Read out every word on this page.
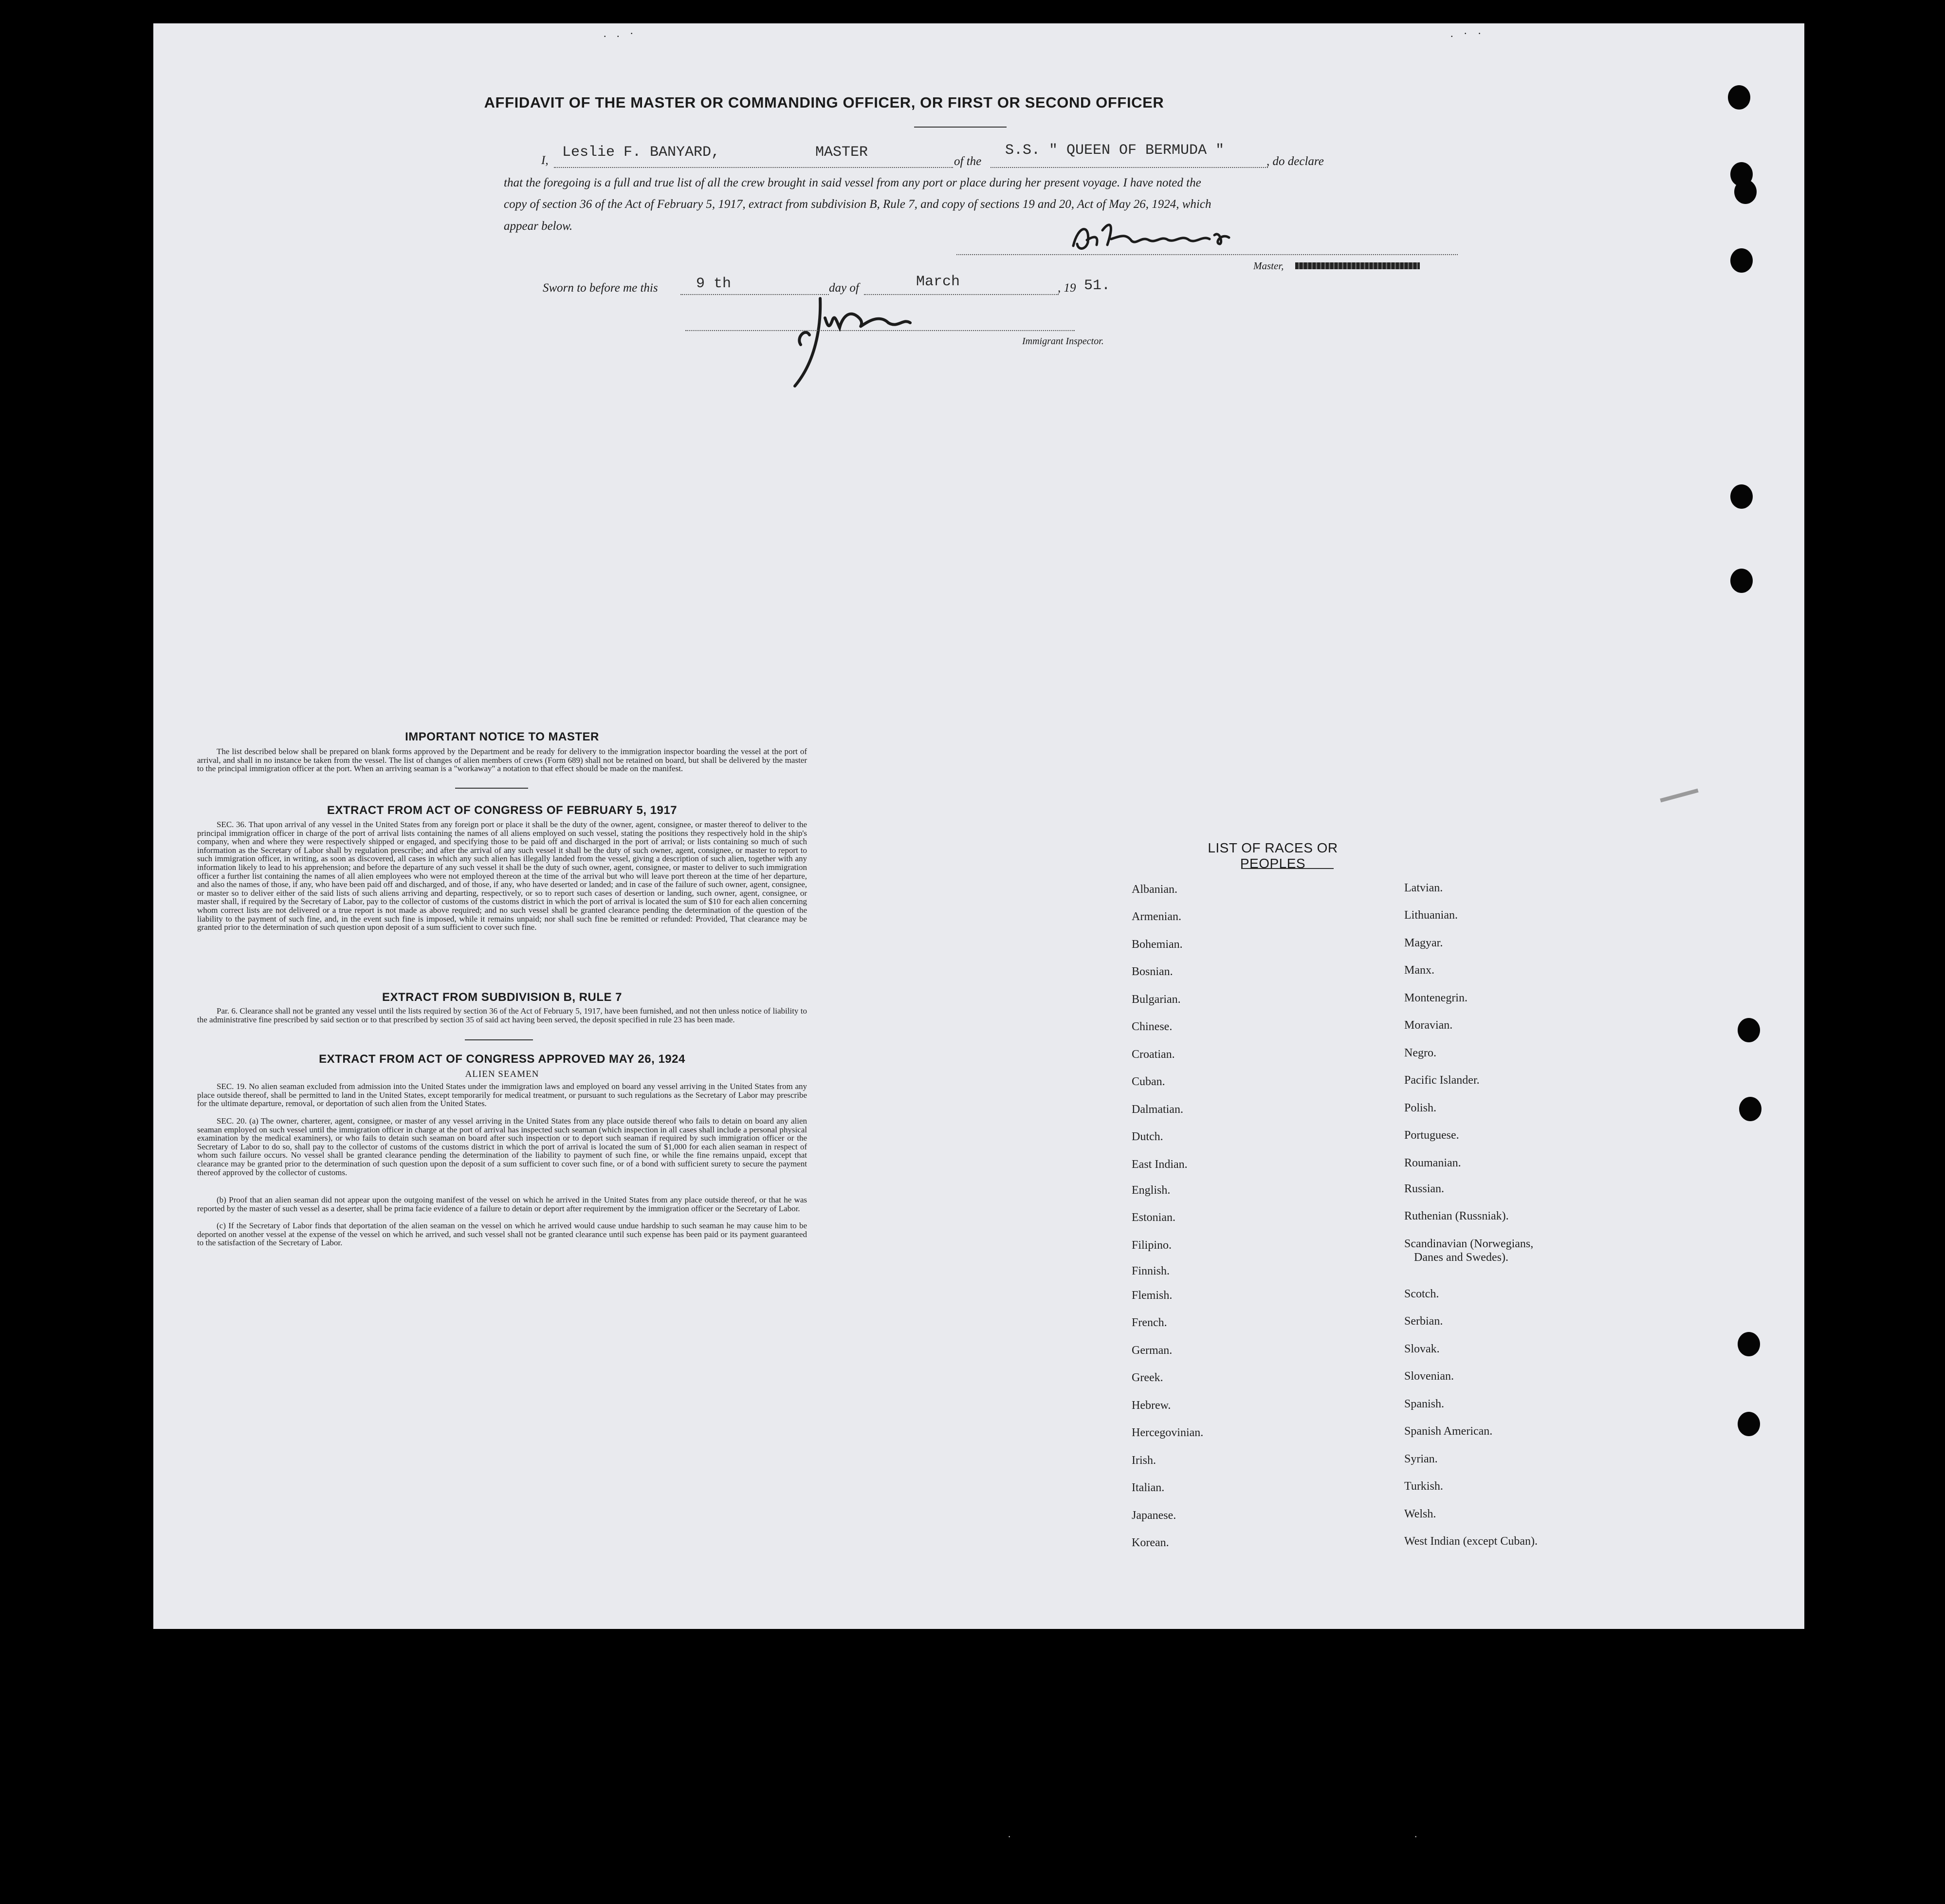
. . ·	. · ·
AFFIDAVIT OF THE MASTER OR COMMANDING OFFICER, OR FIRST OR SECOND OFFICER
I, Leslie F. BANYARD,	MASTER
of the
S.S. " QUEEN OF BERMUDA "
, do declare
that the foregoing is a full and true list of all the crew brought in said vessel from any port or place during her present voyage. I have noted the
copy of section 36 of the Act of February 5, 1917, extract from subdivision B, Rule 7, and copy of sections 19 and 20, Act of May 26, 1924, which
appear below.
Master,
Sworn to before me this	9 th	day of	March	, 19 51.
Immigrant Inspector.
IMPORTANT NOTICE TO MASTER
The list described below shall be prepared on blank forms approved by the Department and be ready for delivery to the immigration inspector boarding the vessel at the port of arrival, and shall in no instance be taken from the vessel. The list of changes of alien members of crews (Form 689) shall not be retained on board, but shall be delivered by the master to the principal immigration officer at the port. When an arriving seaman is a "workaway" a notation to that effect should be made on the manifest.
EXTRACT FROM ACT OF CONGRESS OF FEBRUARY 5, 1917
SEC. 36. That upon arrival of any vessel in the United States from any foreign port or place it shall be the duty of the owner, agent, consignee, or master thereof to deliver to the principal immigration officer in charge of the port of arrival lists containing the names of all aliens employed on such vessel, stating the positions they respectively hold in the ship's company, when and where they were respectively shipped or engaged, and specifying those to be paid off and discharged in the port of arrival; or lists containing so much of such information as the Secretary of Labor shall by regulation prescribe; and after the arrival of any such vessel it shall be the duty of such owner, agent, consignee, or master to report to such immigration officer, in writing, as soon as discovered, all cases in which any such alien has illegally landed from the vessel, giving a description of such alien, together with any information likely to lead to his apprehension; and before the departure of any such vessel it shall be the duty of such owner, agent, consignee, or master to deliver to such immigration officer a further list containing the names of all alien employees who were not employed thereon at the time of the arrival but who will leave port thereon at the time of her departure, and also the names of those, if any, who have been paid off and discharged, and of those, if any, who have deserted or landed; and in case of the failure of such owner, agent, consignee, or master so to deliver either of the said lists of such aliens arriving and departing, respectively, or so to report such cases of desertion or landing, such owner, agent, consignee, or master shall, if required by the Secretary of Labor, pay to the collector of customs of the customs district in which the port of arrival is located the sum of $10 for each alien concerning whom correct lists are not delivered or a true report is not made as above required; and no such vessel shall be granted clearance pending the determination of the question of the liability to the payment of such fine, and, in the event such fine is imposed, while it remains unpaid; nor shall such fine be remitted or refunded: Provided, That clearance may be granted prior to the determination of such question upon deposit of a sum sufficient to cover such fine.
EXTRACT FROM SUBDIVISION B, RULE 7
Par. 6. Clearance shall not be granted any vessel until the lists required by section 36 of the Act of February 5, 1917, have been furnished, and not then unless notice of liability to the administrative fine prescribed by said section or to that prescribed by section 35 of said act having been served, the deposit specified in rule 23 has been made.
EXTRACT FROM ACT OF CONGRESS APPROVED MAY 26, 1924
ALIEN SEAMEN
SEC. 19. No alien seaman excluded from admission into the United States under the immigration laws and employed on board any vessel arriving in the United States from any place outside thereof, shall be permitted to land in the United States, except temporarily for medical treatment, or pursuant to such regulations as the Secretary of Labor may prescribe for the ultimate departure, removal, or deportation of such alien from the United States.
SEC. 20. (a) The owner, charterer, agent, consignee, or master of any vessel arriving in the United States from any place outside thereof who fails to detain on board any alien seaman employed on such vessel until the immigration officer in charge at the port of arrival has inspected such seaman (which inspection in all cases shall include a personal physical examination by the medical examiners), or who fails to detain such seaman on board after such inspection or to deport such seaman if required by such immigration officer or the Secretary of Labor to do so, shall pay to the collector of customs of the customs district in which the port of arrival is located the sum of $1,000 for each alien seaman in respect of whom such failure occurs. No vessel shall be granted clearance pending the determination of the liability to payment of such fine, or while the fine remains unpaid, except that clearance may be granted prior to the determination of such question upon the deposit of a sum sufficient to cover such fine, or of a bond with sufficient surety to secure the payment thereof approved by the collector of customs.
(b) Proof that an alien seaman did not appear upon the outgoing manifest of the vessel on which he arrived in the United States from any place outside thereof, or that he was reported by the master of such vessel as a deserter, shall be prima facie evidence of a failure to detain or deport after requirement by the immigration officer or the Secretary of Labor.
(c) If the Secretary of Labor finds that deportation of the alien seaman on the vessel on which he arrived would cause undue hardship to such seaman he may cause him to be deported on another vessel at the expense of the vessel on which he arrived, and such vessel shall not be granted clearance until such expense has been paid or its payment guaranteed to the satisfaction of the Secretary of Labor.
LIST OF RACES OR PEOPLES
Albanian.
Armenian.
Bohemian.
Bosnian.
Bulgarian.
Chinese.
Croatian.
Cuban.
Dalmatian.
Dutch.
East Indian.
English.
Estonian.
Filipino.
Finnish.
Flemish.
French.
German.
Greek.
Hebrew.
Hercegovinian.
Irish.
Italian.
Japanese.
Korean.
Latvian.
Lithuanian.
Magyar.
Manx.
Montenegrin.
Moravian.
Negro.
Pacific Islander.
Polish.
Portuguese.
Roumanian.
Russian.
Ruthenian (Russniak).
Scandinavian (Norwegians,
Danes and Swedes).
Scotch.
Serbian.
Slovak.
Slovenian.
Spanish.
Spanish American.
Syrian.
Turkish.
Welsh.
West Indian (except Cuban).
·	·
